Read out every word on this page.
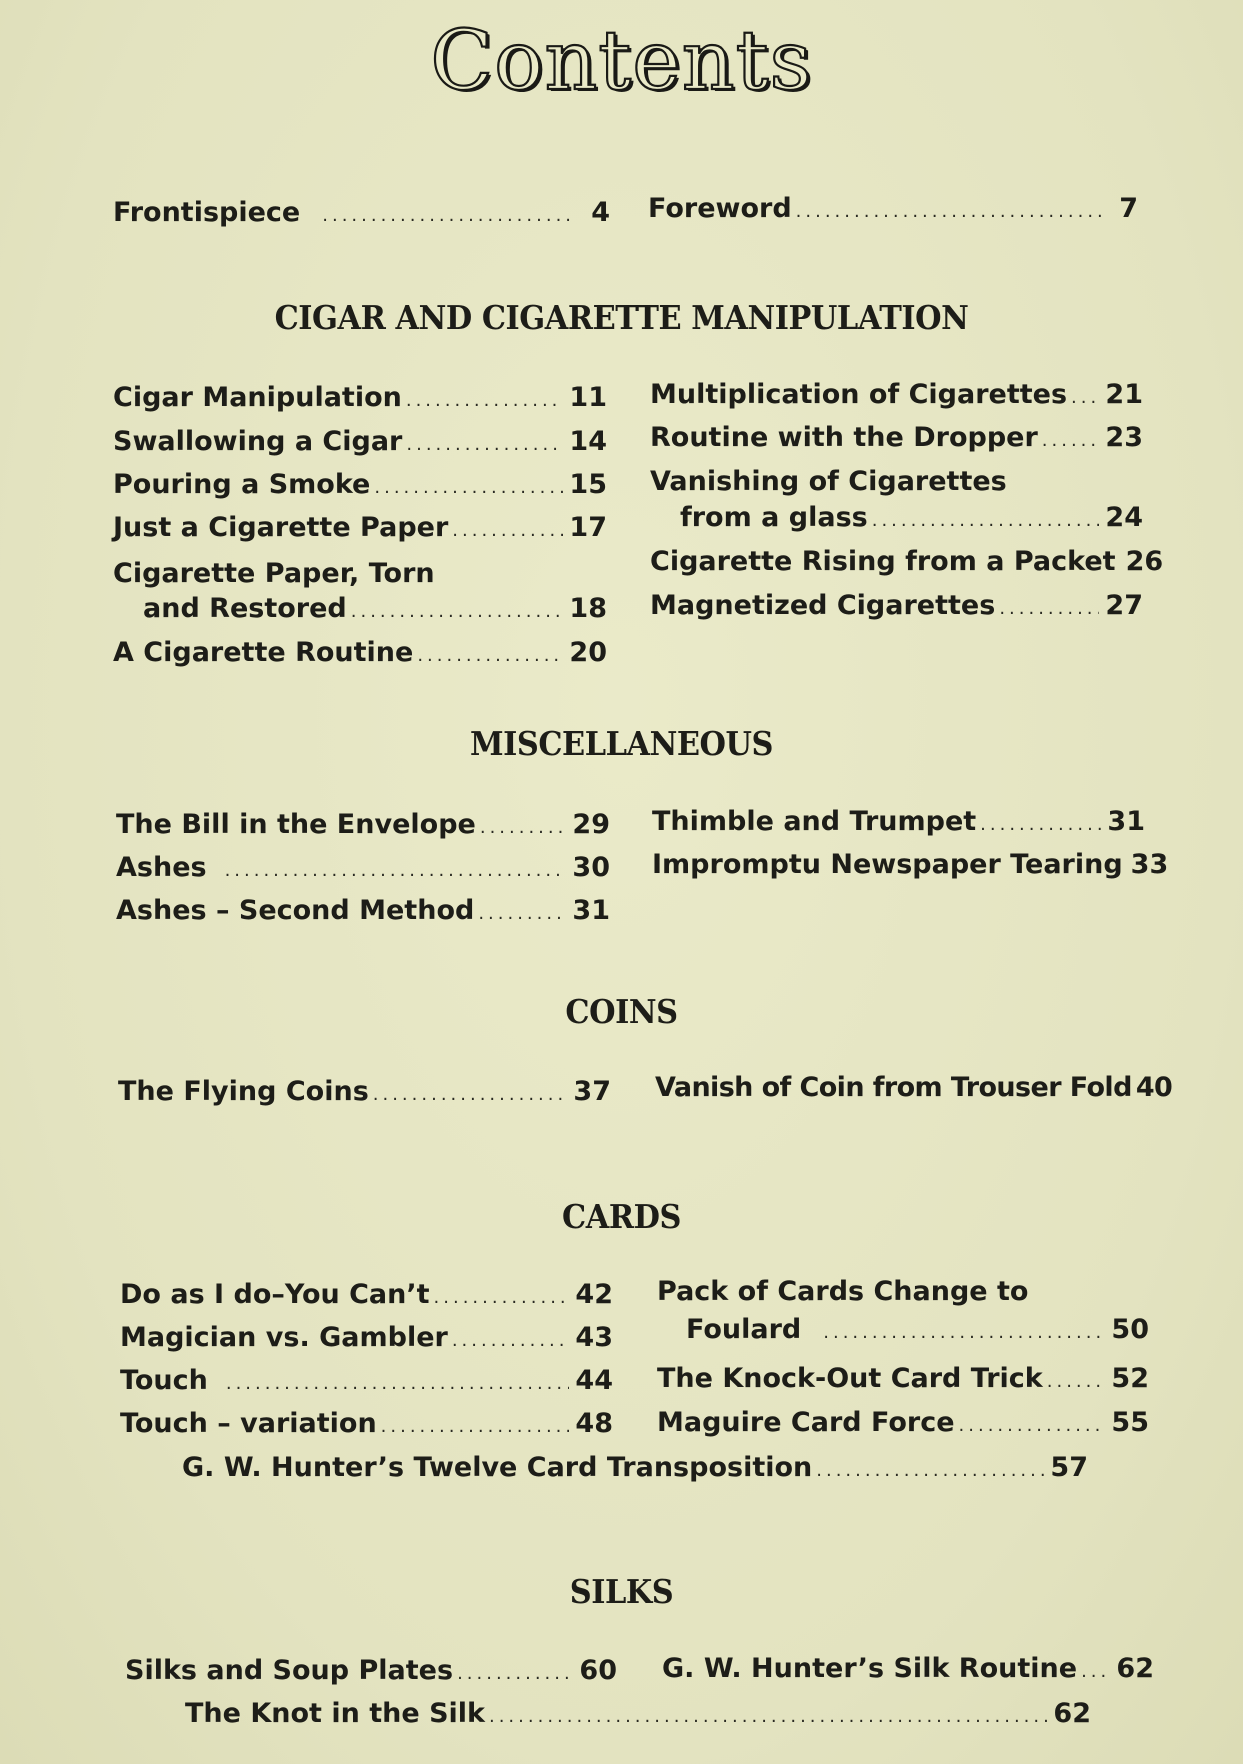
Contents
Frontispiece .....	4 Foreword .....	7
CIGAR AND CIGARETTE MANIPULATION
Cigar Manipulation .....	11
Swallowing a Cigar .....	14
Pouring a Smoke .....	15
Just a Cigarette Paper .....	17
Cigarette Paper, Torn
and Restored .....	18
A Cigarette Routine .....	20
Multiplication of Cigarettes ..... 21
Routine with the Dropper .....	23
Vanishing of Cigarettes
from a glass .....	24
Cigarette Rising from a Packet 26
Magnetized Cigarettes .....	27
MISCELLANEOUS
The Bill in the Envelope .....	29
Ashes .....	30
Ashes – Second Method .....	31
Thimble and Trumpet .....	31
Impromptu Newspaper Tearing 33
COINS
The Flying Coins .....	37 Vanish of Coin from Trouser Fold 40
CARDS
Do as I do–You Can’t .....	42
Magician vs. Gambler .....	43
Touch .....	44
Touch – variation .....	48
Pack of Cards Change to
Foulard .....	50
The Knock-Out Card Trick .....	52
Maguire Card Force .....	55
G. W. Hunter’s Twelve Card Transposition .....	57
SILKS
Silks and Soup Plates .....	60 G. W. Hunter’s Silk Routine ..... 62
The Knot in the Silk .....	62
